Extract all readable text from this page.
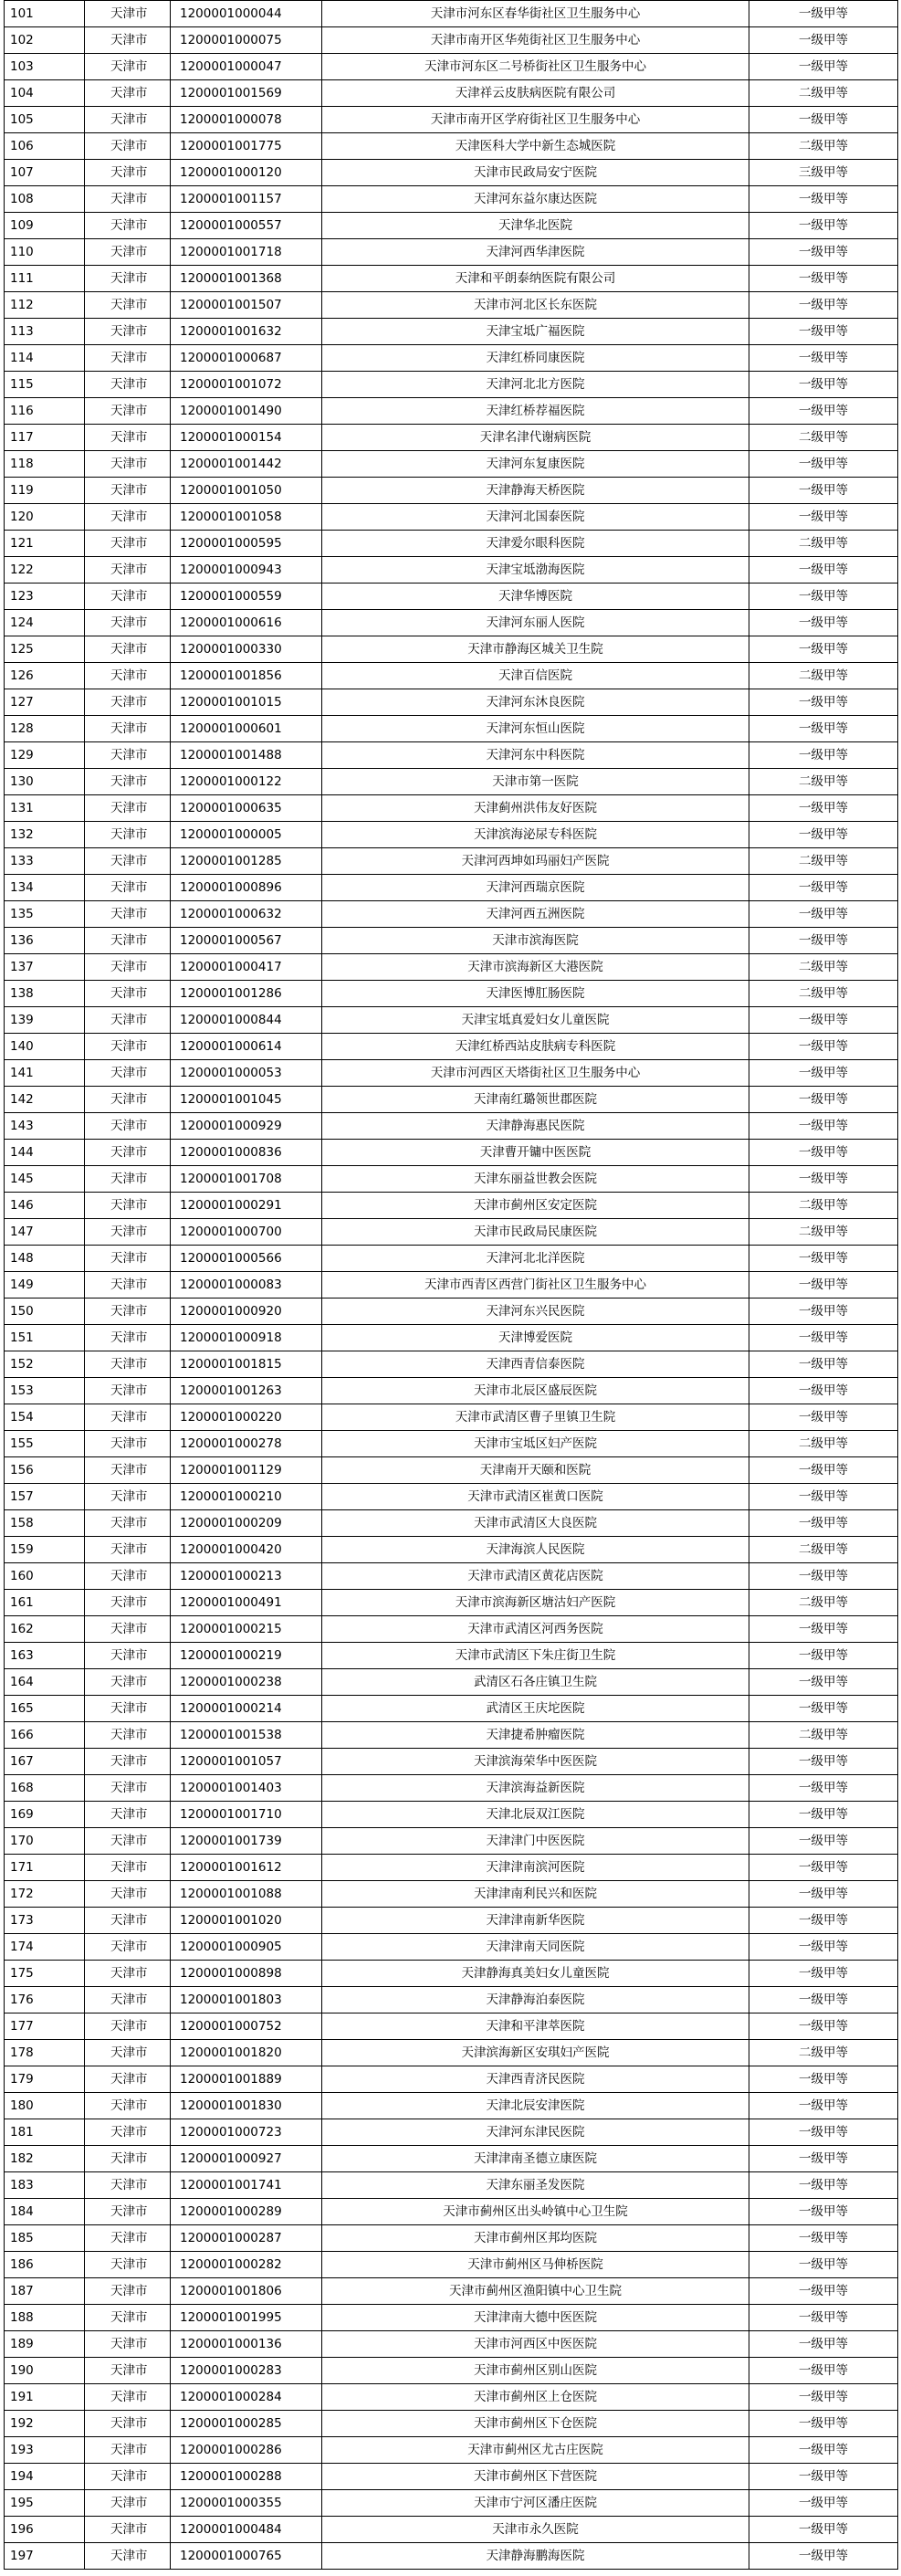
101	天津市	1200001000044	天津市河东区春华街社区卫生服务中心	一级甲等
102	天津市	1200001000075	天津市南开区华苑街社区卫生服务中心	一级甲等
103	天津市	1200001000047	天津市河东区二号桥街社区卫生服务中心	一级甲等
104	天津市	1200001001569	天津祥云皮肤病医院有限公司	二级甲等
105	天津市	1200001000078	天津市南开区学府街社区卫生服务中心	一级甲等
106	天津市	1200001001775	天津医科大学中新生态城医院	二级甲等
107	天津市	1200001000120	天津市民政局安宁医院	三级甲等
108	天津市	1200001001157	天津河东益尔康达医院	一级甲等
109	天津市	1200001000557	天津华北医院	一级甲等
110	天津市	1200001001718	天津河西华津医院	一级甲等
111	天津市	1200001001368	天津和平朗泰纳医院有限公司	一级甲等
112	天津市	1200001001507	天津市河北区长东医院	一级甲等
113	天津市	1200001001632	天津宝坻广福医院	一级甲等
114	天津市	1200001000687	天津红桥同康医院	一级甲等
115	天津市	1200001001072	天津河北北方医院	一级甲等
116	天津市	1200001001490	天津红桥荐福医院	一级甲等
117	天津市	1200001000154	天津名津代谢病医院	二级甲等
118	天津市	1200001001442	天津河东复康医院	一级甲等
119	天津市	1200001001050	天津静海天桥医院	一级甲等
120	天津市	1200001001058	天津河北国泰医院	一级甲等
121	天津市	1200001000595	天津爱尔眼科医院	二级甲等
122	天津市	1200001000943	天津宝坻渤海医院	一级甲等
123	天津市	1200001000559	天津华博医院	一级甲等
124	天津市	1200001000616	天津河东丽人医院	一级甲等
125	天津市	1200001000330	天津市静海区城关卫生院	一级甲等
126	天津市	1200001001856	天津百信医院	二级甲等
127	天津市	1200001001015	天津河东沐良医院	一级甲等
128	天津市	1200001000601	天津河东恒山医院	一级甲等
129	天津市	1200001001488	天津河东中科医院	一级甲等
130	天津市	1200001000122	天津市第一医院	二级甲等
131	天津市	1200001000635	天津蓟州洪伟友好医院	一级甲等
132	天津市	1200001000005	天津滨海泌尿专科医院	一级甲等
133	天津市	1200001001285	天津河西坤如玛丽妇产医院	二级甲等
134	天津市	1200001000896	天津河西瑞京医院	一级甲等
135	天津市	1200001000632	天津河西五洲医院	一级甲等
136	天津市	1200001000567	天津市滨海医院	一级甲等
137	天津市	1200001000417	天津市滨海新区大港医院	二级甲等
138	天津市	1200001001286	天津医博肛肠医院	二级甲等
139	天津市	1200001000844	天津宝坻真爱妇女儿童医院	一级甲等
140	天津市	1200001000614	天津红桥西站皮肤病专科医院	一级甲等
141	天津市	1200001000053	天津市河西区天塔街社区卫生服务中心	一级甲等
142	天津市	1200001001045	天津南红璐领世郡医院	一级甲等
143	天津市	1200001000929	天津静海惠民医院	一级甲等
144	天津市	1200001000836	天津曹开镛中医医院	一级甲等
145	天津市	1200001001708	天津东丽益世教会医院	一级甲等
146	天津市	1200001000291	天津市蓟州区安定医院	二级甲等
147	天津市	1200001000700	天津市民政局民康医院	二级甲等
148	天津市	1200001000566	天津河北北洋医院	一级甲等
149	天津市	1200001000083	天津市西青区西营门街社区卫生服务中心	一级甲等
150	天津市	1200001000920	天津河东兴民医院	一级甲等
151	天津市	1200001000918	天津博爱医院	一级甲等
152	天津市	1200001001815	天津西青信泰医院	一级甲等
153	天津市	1200001001263	天津市北辰区盛辰医院	一级甲等
154	天津市	1200001000220	天津市武清区曹子里镇卫生院	一级甲等
155	天津市	1200001000278	天津市宝坻区妇产医院	二级甲等
156	天津市	1200001001129	天津南开天颐和医院	一级甲等
157	天津市	1200001000210	天津市武清区崔黄口医院	一级甲等
158	天津市	1200001000209	天津市武清区大良医院	一级甲等
159	天津市	1200001000420	天津海滨人民医院	二级甲等
160	天津市	1200001000213	天津市武清区黄花店医院	一级甲等
161	天津市	1200001000491	天津市滨海新区塘沽妇产医院	二级甲等
162	天津市	1200001000215	天津市武清区河西务医院	一级甲等
163	天津市	1200001000219	天津市武清区下朱庄街卫生院	一级甲等
164	天津市	1200001000238	武清区石各庄镇卫生院	一级甲等
165	天津市	1200001000214	武清区王庆坨医院	一级甲等
166	天津市	1200001001538	天津捷希肿瘤医院	二级甲等
167	天津市	1200001001057	天津滨海荣华中医医院	一级甲等
168	天津市	1200001001403	天津滨海益新医院	一级甲等
169	天津市	1200001001710	天津北辰双江医院	一级甲等
170	天津市	1200001001739	天津津门中医医院	一级甲等
171	天津市	1200001001612	天津津南滨河医院	一级甲等
172	天津市	1200001001088	天津津南利民兴和医院	一级甲等
173	天津市	1200001001020	天津津南新华医院	一级甲等
174	天津市	1200001000905	天津津南天同医院	一级甲等
175	天津市	1200001000898	天津静海真美妇女儿童医院	一级甲等
176	天津市	1200001001803	天津静海泊泰医院	一级甲等
177	天津市	1200001000752	天津和平津萃医院	一级甲等
178	天津市	1200001001820	天津滨海新区安琪妇产医院	二级甲等
179	天津市	1200001001889	天津西青济民医院	一级甲等
180	天津市	1200001001830	天津北辰安津医院	一级甲等
181	天津市	1200001000723	天津河东津民医院	一级甲等
182	天津市	1200001000927	天津津南圣德立康医院	一级甲等
183	天津市	1200001001741	天津东丽圣发医院	一级甲等
184	天津市	1200001000289	天津市蓟州区出头岭镇中心卫生院	一级甲等
185	天津市	1200001000287	天津市蓟州区邦均医院	一级甲等
186	天津市	1200001000282	天津市蓟州区马伸桥医院	一级甲等
187	天津市	1200001001806	天津市蓟州区渔阳镇中心卫生院	一级甲等
188	天津市	1200001001995	天津津南大德中医医院	一级甲等
189	天津市	1200001000136	天津市河西区中医医院	一级甲等
190	天津市	1200001000283	天津市蓟州区别山医院	一级甲等
191	天津市	1200001000284	天津市蓟州区上仓医院	一级甲等
192	天津市	1200001000285	天津市蓟州区下仓医院	一级甲等
193	天津市	1200001000286	天津市蓟州区尤古庄医院	一级甲等
194	天津市	1200001000288	天津市蓟州区下营医院	一级甲等
195	天津市	1200001000355	天津市宁河区潘庄医院	一级甲等
196	天津市	1200001000484	天津市永久医院	一级甲等
197	天津市	1200001000765	天津静海鹏海医院	一级甲等
